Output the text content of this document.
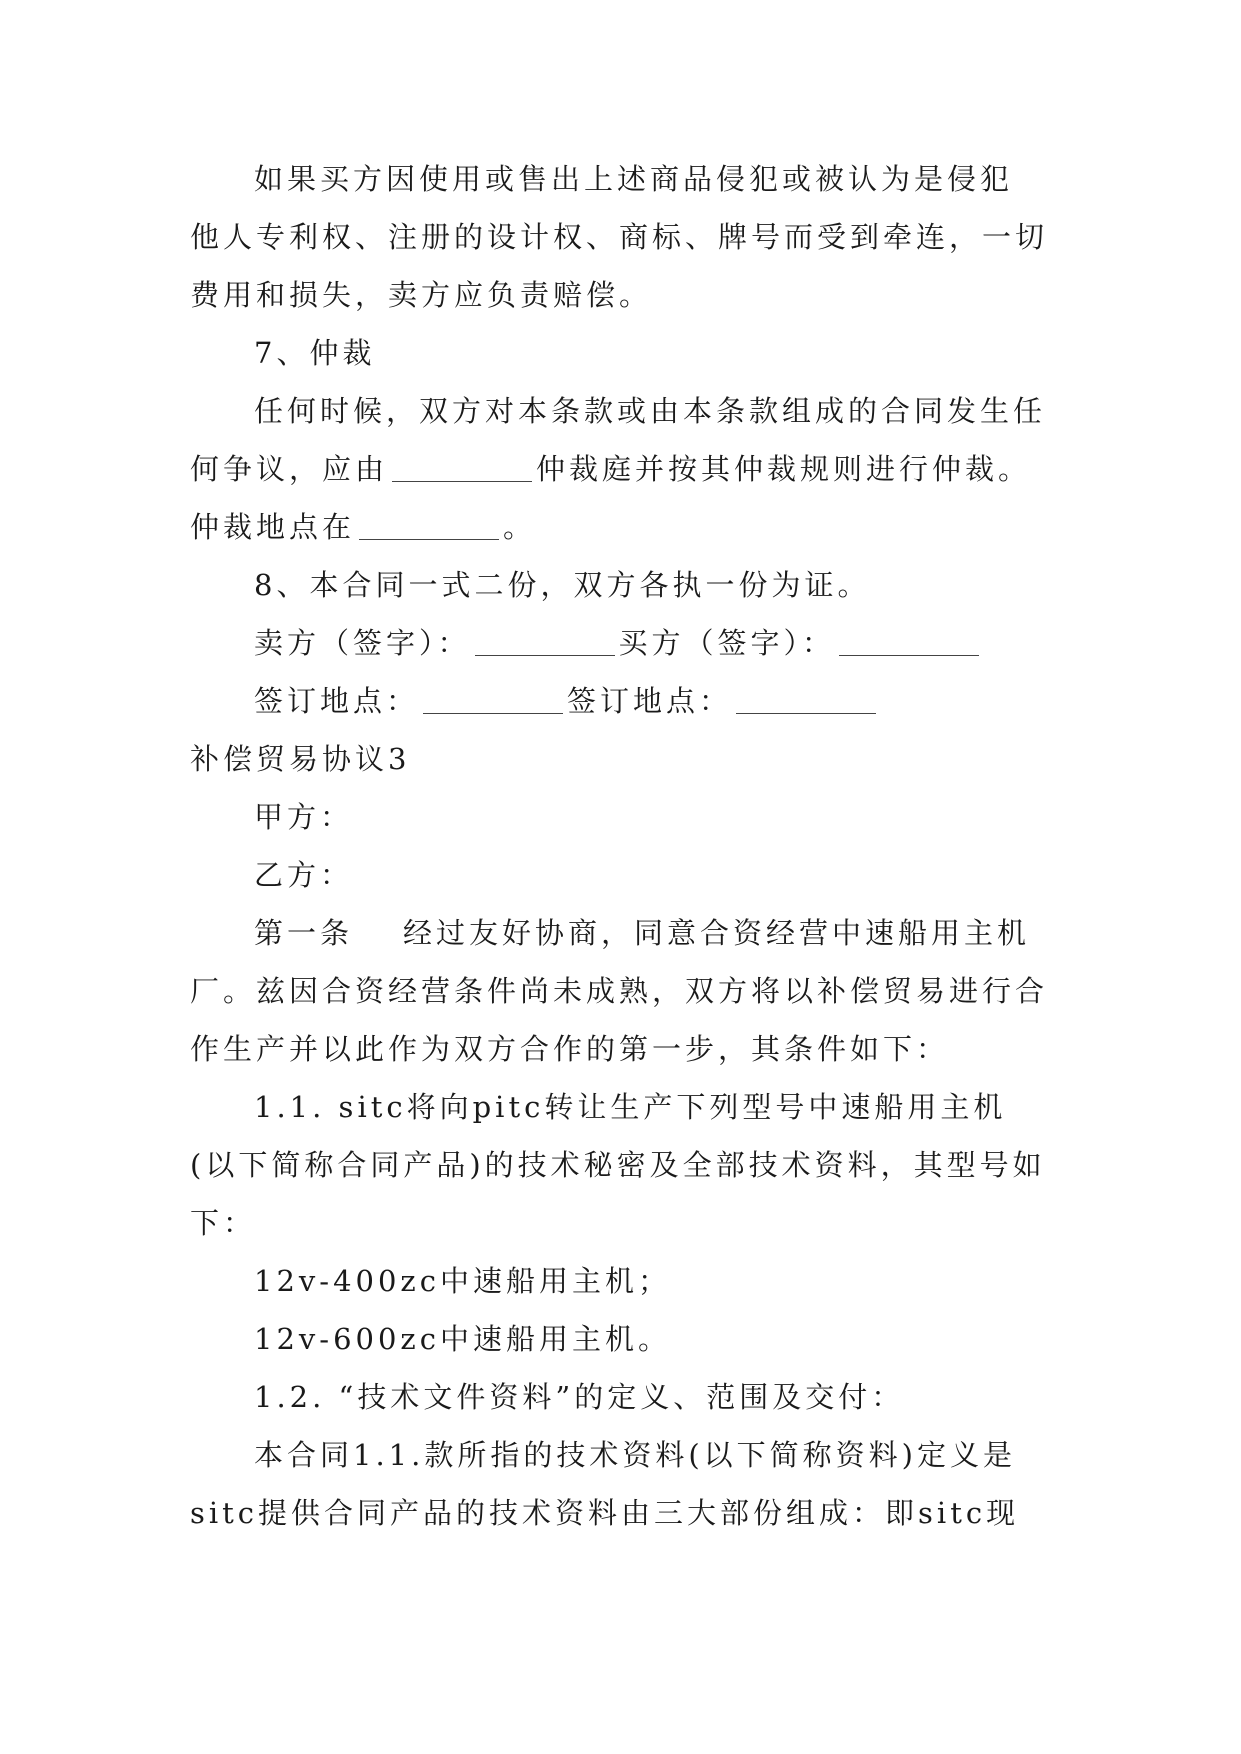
如果买方因使用或售出上述商品侵犯或被认为是侵犯
他人专利权、注册的设计权、商标、牌号而受到牵连，一切
费用和损失，卖方应负责赔偿。
7、仲裁
任何时候，双方对本条款或由本条款组成的合同发生任
何争议，应由	仲裁庭并按其仲裁规则进行仲裁。
仲裁地点在	。
8、本合同一式二份，双方各执一份为证。
卖方（签字）：	买方（签字）：
签订地点：	签订地点：
补偿贸易协议3
甲方：
乙方：
第一条 经过友好协商，同意合资经营中速船用主机
厂。兹因合资经营条件尚未成熟，双方将以补偿贸易进行合
作生产并以此作为双方合作的第一步，其条件如下：
1.1. sitc将向pitc转让生产下列型号中速船用主机
(以下简称合同产品)的技术秘密及全部技术资料，其型号如
下：
12v-400zc中速船用主机；
12v-600zc中速船用主机。
1.2. “技术文件资料”的定义、范围及交付：
本合同1.1.款所指的技术资料(以下简称资料)定义是
sitc提供合同产品的技术资料由三大部份组成：即sitc现
